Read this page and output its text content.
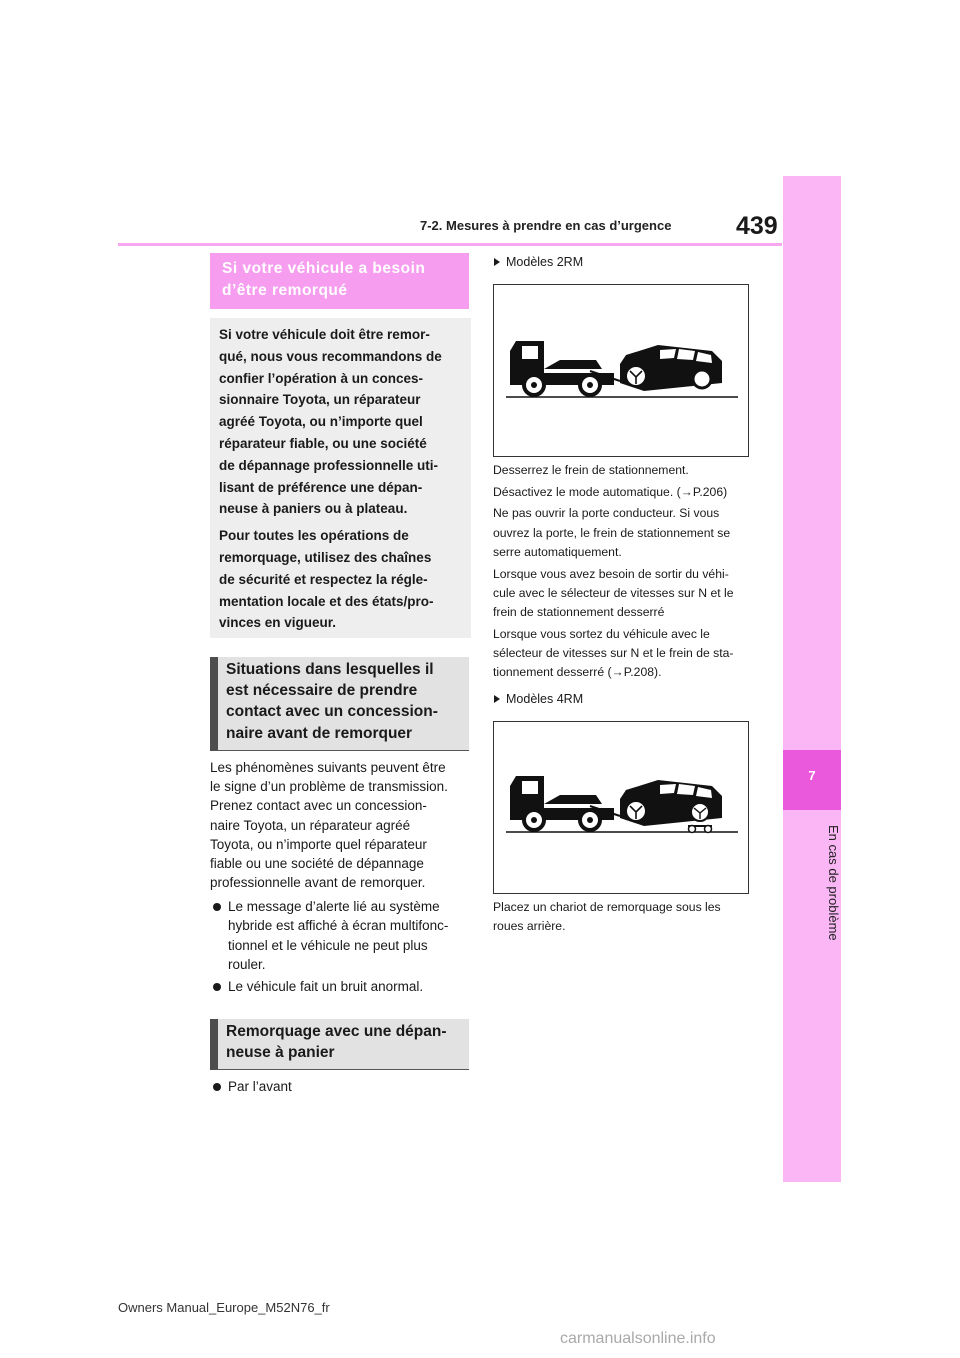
7-2. Mesures à prendre en cas d’urgence	439
7
En cas de problème
Si votre véhicule a besoin
d’être remorqué
Si votre véhicule doit être remor-
qué, nous vous recommandons de
confier l’opération à un conces-
sionnaire Toyota, un réparateur
agréé Toyota, ou n’importe quel
réparateur fiable, ou une société
de dépannage professionnelle uti-
lisant de préférence une dépan-
neuse à paniers ou à plateau.
Pour toutes les opérations de
remorquage, utilisez des chaînes
de sécurité et respectez la régle-
mentation locale et des états/pro-
vinces en vigueur.
Situations dans lesquelles il
est nécessaire de prendre
contact avec un concession-
naire avant de remorquer
Les phénomènes suivants peuvent être
le signe d’un problème de transmission.
Prenez contact avec un concession-
naire Toyota, un réparateur agréé
Toyota, ou n’importe quel réparateur
fiable ou une société de dépannage
professionnelle avant de remorquer.
Le message d’alerte lié au système
hybride est affiché à écran multifonc-
tionnel et le véhicule ne peut plus
rouler.
Le véhicule fait un bruit anormal.
Remorquage avec une dépan-
neuse à panier
Par l’avant
Modèles 2RM
Desserrez le frein de stationnement.
Désactivez le mode automatique. (→P.206)
Ne pas ouvrir la porte conducteur. Si vous
ouvrez la porte, le frein de stationnement se
serre automatiquement.
Lorsque vous avez besoin de sortir du véhi-
cule avec le sélecteur de vitesses sur N et le
frein de stationnement desserré
Lorsque vous sortez du véhicule avec le
sélecteur de vitesses sur N et le frein de sta-
tionnement desserré (→P.208).
Modèles 4RM
Placez un chariot de remorquage sous les
roues arrière.
Owners Manual_Europe_M52N76_fr
carmanualsonline.info
